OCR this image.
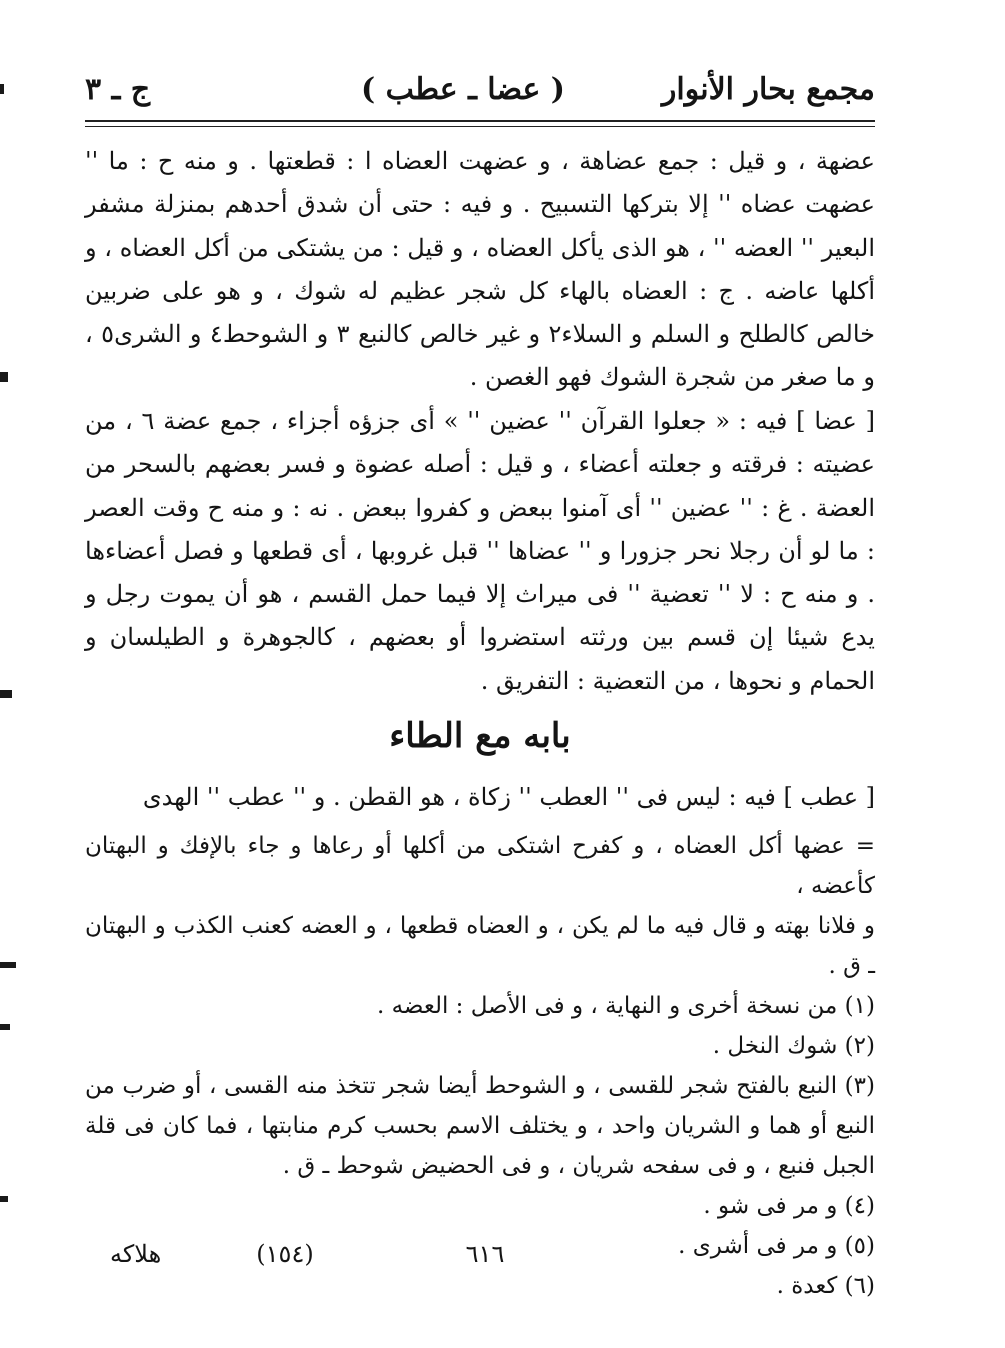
مجمع بحار الأنوار
( عضا ـ عطب )
ج ـ ٣

عضهة ، و قيل : جمع عضاهة ، و عضهت العضاه ا : قطعتها . و منه ح : ما '' عضهت عضاه '' إلا بتركها التسبيح . و فيه : حتى أن شدق أحدهم بمنزلة مشفر البعير '' العضه '' ، هو الذى يأكل العضاه ، و قيل : من يشتكى من أكل العضاه ، و أكلها عاضه . ج : العضاه بالهاء كل شجر عظيم له شوك ، و هو على ضربين خالص كالطلح و السلم و السلاء٢ و غير خالص كالنبع ٣ و الشوحط٤ و الشرى٥ ، و ما صغر من شجرة الشوك فهو الغصن .

[ عضا ] فيه : « جعلوا القرآن '' عضين '' » أى جزؤه أجزاء ، جمع عضة ٦ ، من عضيته : فرقته و جعلته أعضاء ، و قيل : أصله عضوة و فسر بعضهم بالسحر من العضة . غ : '' عضين '' أى آمنوا ببعض و كفروا ببعض . نه : و منه ح وقت العصر : ما لو أن رجلا نحر جزورا و '' عضاها '' قبل غروبها ، أى قطعها و فصل أعضاءها . و منه ح : لا '' تعضية '' فى ميراث إلا فيما حمل القسم ، هو أن يموت رجل و يدع شيئا إن قسم بين ورثته استضروا أو بعضهم ، كالجوهرة و الطيلسان و الحمام و نحوها ، من التعضية : التفريق .

بابه مع الطاء

[ عطب ] فيه : ليس فى '' العطب '' زكاة ، هو القطن . و '' عطب '' الهدى

= عضها أكل العضاه ، و كفرح اشتكى من أكلها أو رعاها و جاء بالإفك و البهتان كأعضه ،
و فلانا بهته و قال فيه ما لم يكن ، و العضاه قطعها ، و العضه كعنب الكذب و البهتان ـ ق .
(١) من نسخة أخرى و النهاية ، و فى الأصل : العضه .
(٢) شوك النخل .
(٣) النبع بالفتح شجر للقسى ، و الشوحط أيضا شجر تتخذ منه القسى ، أو ضرب من النبع أو هما و الشريان واحد ، و يختلف الاسم بحسب كرم منابتها ، فما كان فى قلة الجبل فنبع ، و فى سفحه شريان ، و فى الحضيض شوحط ـ ق .
(٤) و مر فى شو .
(٥) و مر فى أشرى .
(٦) كعدة .
٦١٦
(١٥٤)
هلاكه
